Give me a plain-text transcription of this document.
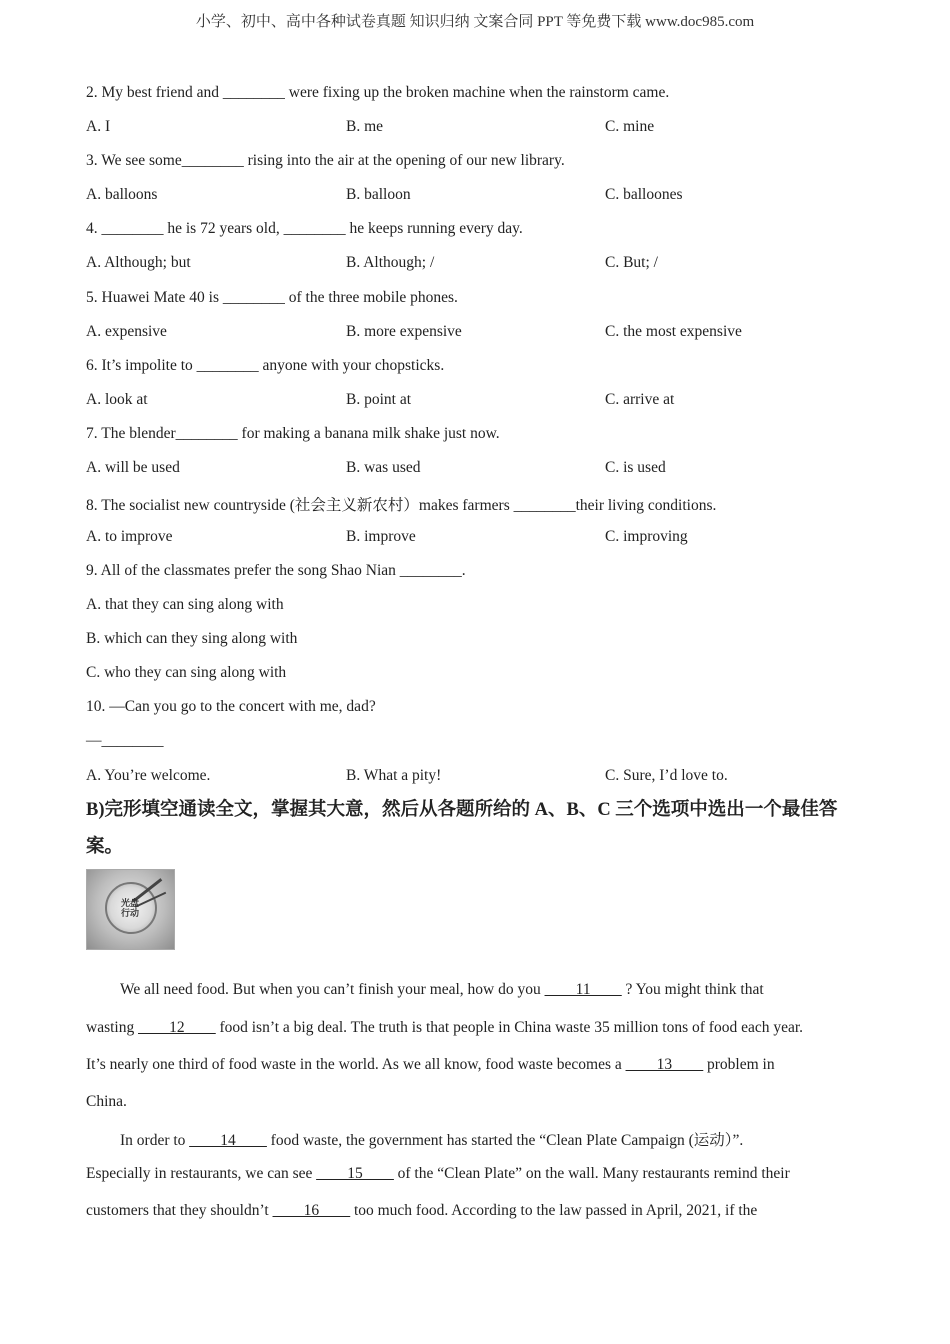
小学、初中、高中各种试卷真题 知识归纳 文案合同 PPT 等免费下载 www.doc985.com
2. My best friend and ________ were fixing up the broken machine when the rainstorm came.
A. I	B. me	C. mine
3. We see some________ rising into the air at the opening of our new library.
A. balloons	B. balloon	C. balloones
4. ________ he is 72 years old, ________ he keeps running every day.
A. Although; but	B. Although; /	C. But; /
5. Huawei Mate 40 is ________ of the three mobile phones.
A. expensive	B. more expensive	C. the most expensive
6. It’s impolite to ________ anyone with your chopsticks.
A. look at	B. point at	C. arrive at
7. The blender________ for making a banana milk shake just now.
A. will be used	B. was used	C. is used
8. The socialist new countryside (社会主义新农村）makes farmers ________their living conditions.
A. to improve	B. improve	C. improving
9. All of the classmates prefer the song Shao Nian ________.
A. that they can sing along with
B. which can they sing along with
C. who they can sing along with
10. —Can you go to the concert with me, dad?
—________
A. You’re welcome.	B. What a pity!	C. Sure, I’d love to.
B)完形填空通读全文，掌握其大意，然后从各题所给的 A、B、C 三个选项中选出一个最佳答案。
光盘行动
We all need food. But when you can’t finish your meal, how do you ____11____ ? You might think that
wasting ____12____ food isn’t a big deal. The truth is that people in China waste 35 million tons of food each year.
It’s nearly one third of food waste in the world. As we all know, food waste becomes a ____13____ problem in
China.
In order to ____14____ food waste, the government has started the “Clean Plate Campaign (运动）”.
Especially in restaurants, we can see ____15____ of the “Clean Plate” on the wall. Many restaurants remind their
customers that they shouldn’t ____16____ too much food. According to the law passed in April, 2021, if the
